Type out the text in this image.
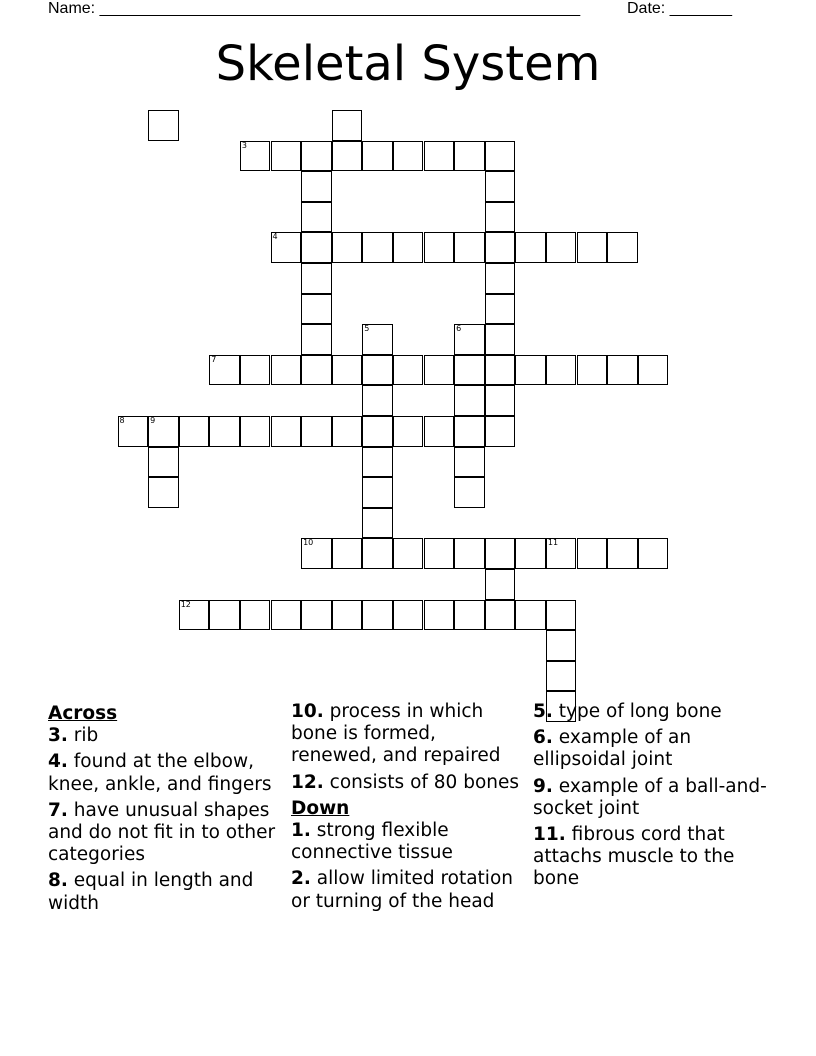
Name: ______________________________________________________	Date: _______
Skeletal System
3
4
5	6
7
8	9
10	11
12
Across
3. rib
4. found at the elbow, knee, ankle, and fingers
7. have unusual shapes and do not fit in to other categories
8. equal in length and width
10. process in which bone is formed, renewed, and repaired
12. consists of 80 bones
Down
1. strong flexible connective tissue
2. allow limited rotation or turning of the head
5. type of long bone
6. example of an ellipsoidal joint
9. example of a ball-and-socket joint
11. fibrous cord that attachs muscle to the bone
